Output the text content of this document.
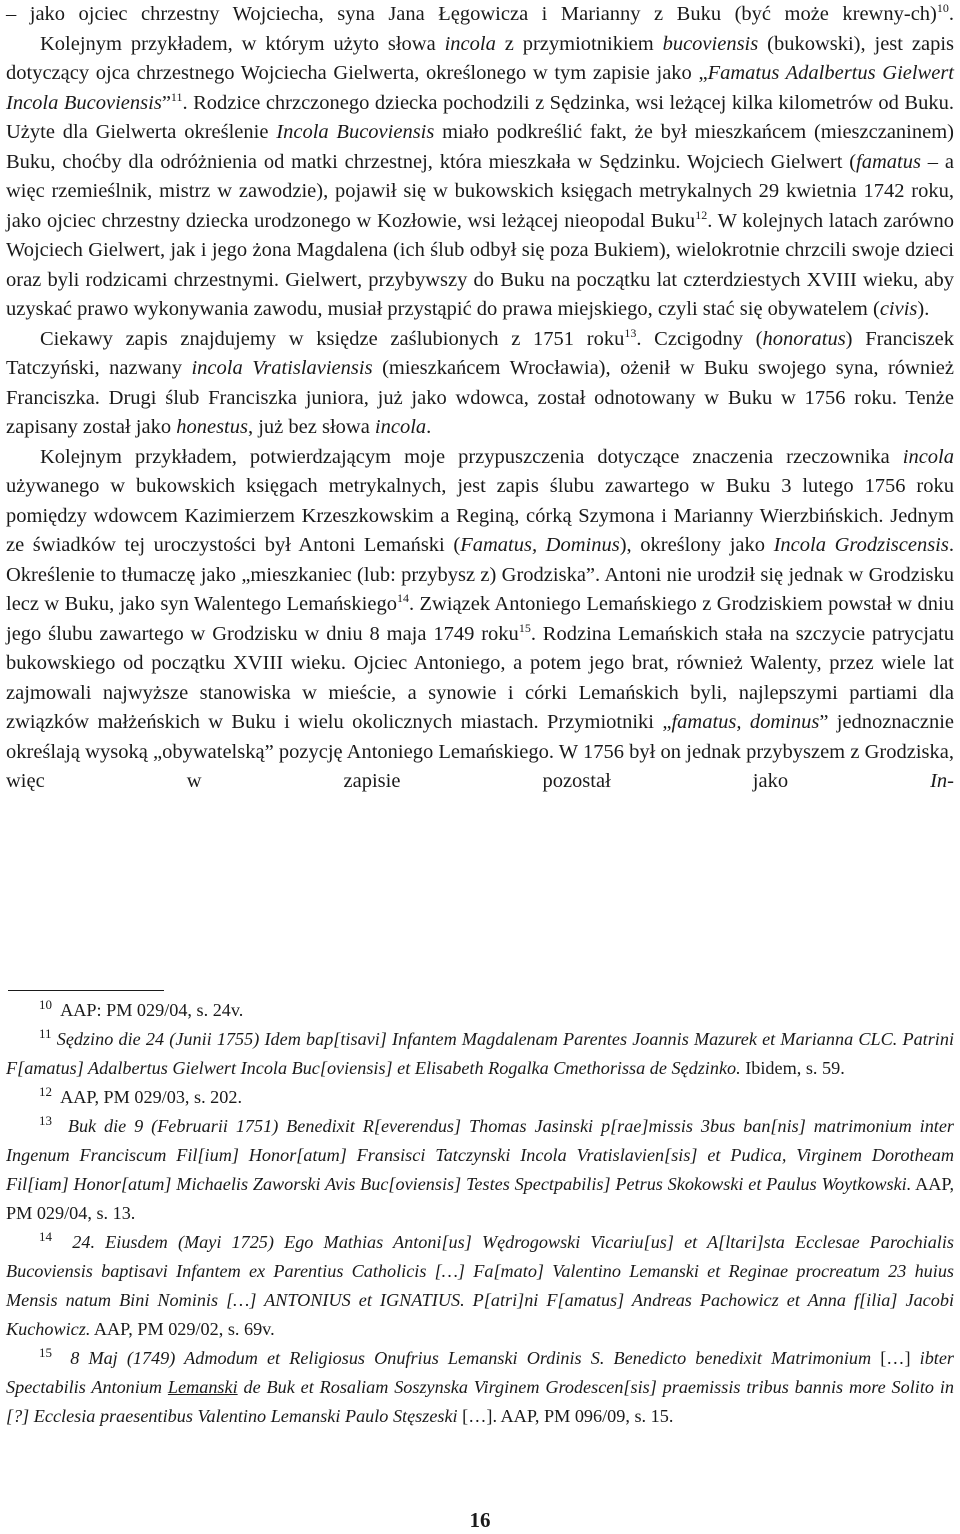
– jako ojciec chrzestny Wojciecha, syna Jana Łęgowicza i Marianny z Buku (być może krewny-ch)$^{10}$.

Kolejnym przykładem, w którym użyto słowa incola z przymiotnikiem bucoviensis (bukowski), jest zapis dotyczący ojca chrzestnego Wojciecha Gielwerta, określonego w tym zapisie jako „Famatus Adalbertus Gielwert Incola Bucoviensis”$^{11}$. Rodzice chrzczonego dziecka pochodzili z Sędzinka, wsi leżącej kilka kilometrów od Buku. Użyte dla Gielwerta określenie Incola Bucoviensis miało podkreślić fakt, że był mieszkańcem (mieszczaninem) Buku, choćby dla odróżnienia od matki chrzestnej, która mieszkała w Sędzinku. Wojciech Gielwert (famatus – a więc rzemieślnik, mistrz w zawodzie), pojawił się w bukowskich księgach metrykalnych 29 kwietnia 1742 roku, jako ojciec chrzestny dziecka urodzonego w Kozłowie, wsi leżącej nieopodal Buku$^{12}$. W kolejnych latach zarówno Wojciech Gielwert, jak i jego żona Magdalena (ich ślub odbył się poza Bukiem), wielokrotnie chrzcili swoje dzieci oraz byli rodzicami chrzestnymi. Gielwert, przybywszy do Buku na początku lat czterdziestych XVIII wieku, aby uzyskać prawo wykonywania zawodu, musiał przystąpić do prawa miejskiego, czyli stać się obywatelem (civis).

Ciekawy zapis znajdujemy w księdze zaślubionych z 1751 roku$^{13}$. Czcigodny (honoratus) Franciszek Tatczyński, nazwany incola Vratislaviensis (mieszkańcem Wrocławia), ożenił w Buku swojego syna, również Franciszka. Drugi ślub Franciszka juniora, już jako wdowca, został odnotowany w Buku w 1756 roku. Tenże zapisany został jako honestus, już bez słowa incola.

Kolejnym przykładem, potwierdzającym moje przypuszczenia dotyczące znaczenia rzeczownika incola używanego w bukowskich księgach metrykalnych, jest zapis ślubu zawartego w Buku 3 lutego 1756 roku pomiędzy wdowcem Kazimierzem Krzeszkowskim a Reginą, córką Szymona i Marianny Wierzbińskich. Jednym ze świadków tej uroczystości był Antoni Lemański (Famatus, Dominus), określony jako Incola Grodziscensis. Określenie to tłumaczę jako „mieszkaniec (lub: przybysz z) Grodziska”. Antoni nie urodził się jednak w Grodzisku lecz w Buku, jako syn Walentego Lemańskiego$^{14}$. Związek Antoniego Lemańskiego z Grodziskiem powstał w dniu jego ślubu zawartego w Grodzisku w dniu 8 maja 1749 roku$^{15}$. Rodzina Lemańskich stała na szczycie patrycjatu bukowskiego od początku XVIII wieku. Ojciec Antoniego, a potem jego brat, również Walenty, przez wiele lat zajmowali najwyższe stanowiska w mieście, a synowie i córki Lemańskich byli, najlepszymi partiami dla związków małżeńskich w Buku i wielu okolicznych miastach. Przymiotniki „famatus, dominus” jednoznacznie określają wysoką „obywatelską” pozycję Antoniego Lemańskiego. W 1756 był on jednak przybyszem z Grodziska, więc w zapisie pozostał jako In-

$^{10}$ AAP: PM 029/04, s. 24v.

$^{11}$ Sędzino die 24 (Junii 1755) Idem bap[tisavi] Infantem Magdalenam Parentes Joannis Mazurek et Marianna CLC. Patrini F[amatus] Adalbertus Gielwert Incola Buc[oviensis] et Elisabeth Rogalka Cmethorissa de Sędzinko. Ibidem, s. 59.

$^{12}$ AAP, PM 029/03, s. 202.

$^{13}$ Buk die 9 (Februarii 1751) Benedixit R[everendus] Thomas Jasinski p[rae]missis 3bus ban[nis] matrimonium inter Ingenum Franciscum Fil[ium] Honor[atum] Fransisci Tatczynski Incola Vratislavien[sis] et Pudica, Virginem Dorotheam Fil[iam] Honor[atum] Michaelis Zaworski Avis Buc[oviensis] Testes Spectpabilis] Petrus Skokowski et Paulus Woytkowski. AAP, PM 029/04, s. 13.

$^{14}$ 24. Eiusdem (Mayi 1725) Ego Mathias Antoni[us] Wędrogowski Vicariu[us] et A[ltari]sta Ecclesae Parochialis Bucoviensis baptisavi Infantem ex Parentius Catholicis […] Fa[mato] Valentino Lemanski et Reginae procreatum 23 huius Mensis natum Bini Nominis […] ANTONIUS et IGNATIUS. P[atri]ni F[amatus] Andreas Pachowicz et Anna f[ilia] Jacobi Kuchowicz. AAP, PM 029/02, s. 69v.

$^{15}$ 8 Maj (1749) Admodum et Religiosus Onufrius Lemanski Ordinis S. Benedicto benedixit Matrimonium […] ibter Spectabilis Antonium Lemanski de Buk et Rosaliam Soszynska Virginem Grodescen[sis] praemissis tribus bannis more Solito in [?] Ecclesia praesentibus Valentino Lemanski Paulo Stęszeski […]. AAP, PM 096/09, s. 15.

16
